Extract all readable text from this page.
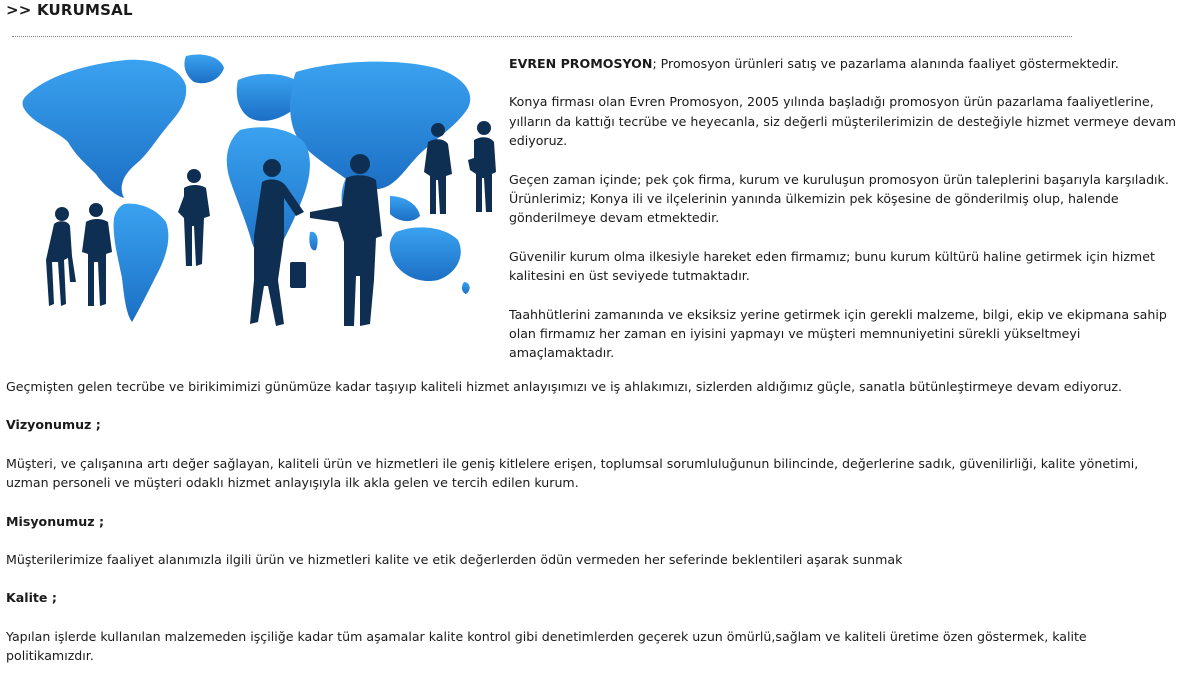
>> KURUMSAL

EVREN PROMOSYON; Promosyon ürünleri satış ve pazarlama alanında faaliyet göstermektedir.

Konya firması olan Evren Promosyon, 2005 yılında başladığı promosyon ürün pazarlama faaliyetlerine, yılların da kattığı tecrübe ve heyecanla, siz değerli müşterilerimizin de desteğiyle hizmet vermeye devam ediyoruz.

Geçen zaman içinde; pek çok firma, kurum ve kuruluşun promosyon ürün taleplerini başarıyla karşıladık. Ürünlerimiz; Konya ili ve ilçelerinin yanında ülkemizin pek köşesine de gönderilmiş olup, halende gönderilmeye devam etmektedir.

Güvenilir kurum olma ilkesiyle hareket eden firmamız; bunu kurum kültürü haline getirmek için hizmet kalitesini en üst seviyede tutmaktadır.

Taahhütlerini zamanında ve eksiksiz yerine getirmek için gerekli malzeme, bilgi, ekip ve ekipmana sahip olan firmamız her zaman en iyisini yapmayı ve müşteri memnuniyetini sürekli yükseltmeyi amaçlamaktadır.

Geçmişten gelen tecrübe ve birikimimizi günümüze kadar taşıyıp kaliteli hizmet anlayışımızı ve iş ahlakımızı, sizlerden aldığımız güçle, sanatla bütünleştirmeye devam ediyoruz.

Vizyonumuz ;

Müşteri, ve çalışanına artı değer sağlayan, kaliteli ürün ve hizmetleri ile geniş kitlelere erişen, toplumsal sorumluluğunun bilincinde, değerlerine sadık, güvenilirliği, kalite yönetimi, uzman personeli ve müşteri odaklı hizmet anlayışıyla ilk akla gelen ve tercih edilen kurum.

Misyonumuz ;

Müşterilerimize faaliyet alanımızla ilgili ürün ve hizmetleri kalite ve etik değerlerden ödün vermeden her seferinde beklentileri aşarak sunmak

Kalite ;

Yapılan işlerde kullanılan malzemeden işçiliğe kadar tüm aşamalar kalite kontrol gibi denetimlerden geçerek uzun ömürlü,sağlam ve kaliteli üretime özen göstermek, kalite politikamızdır.
